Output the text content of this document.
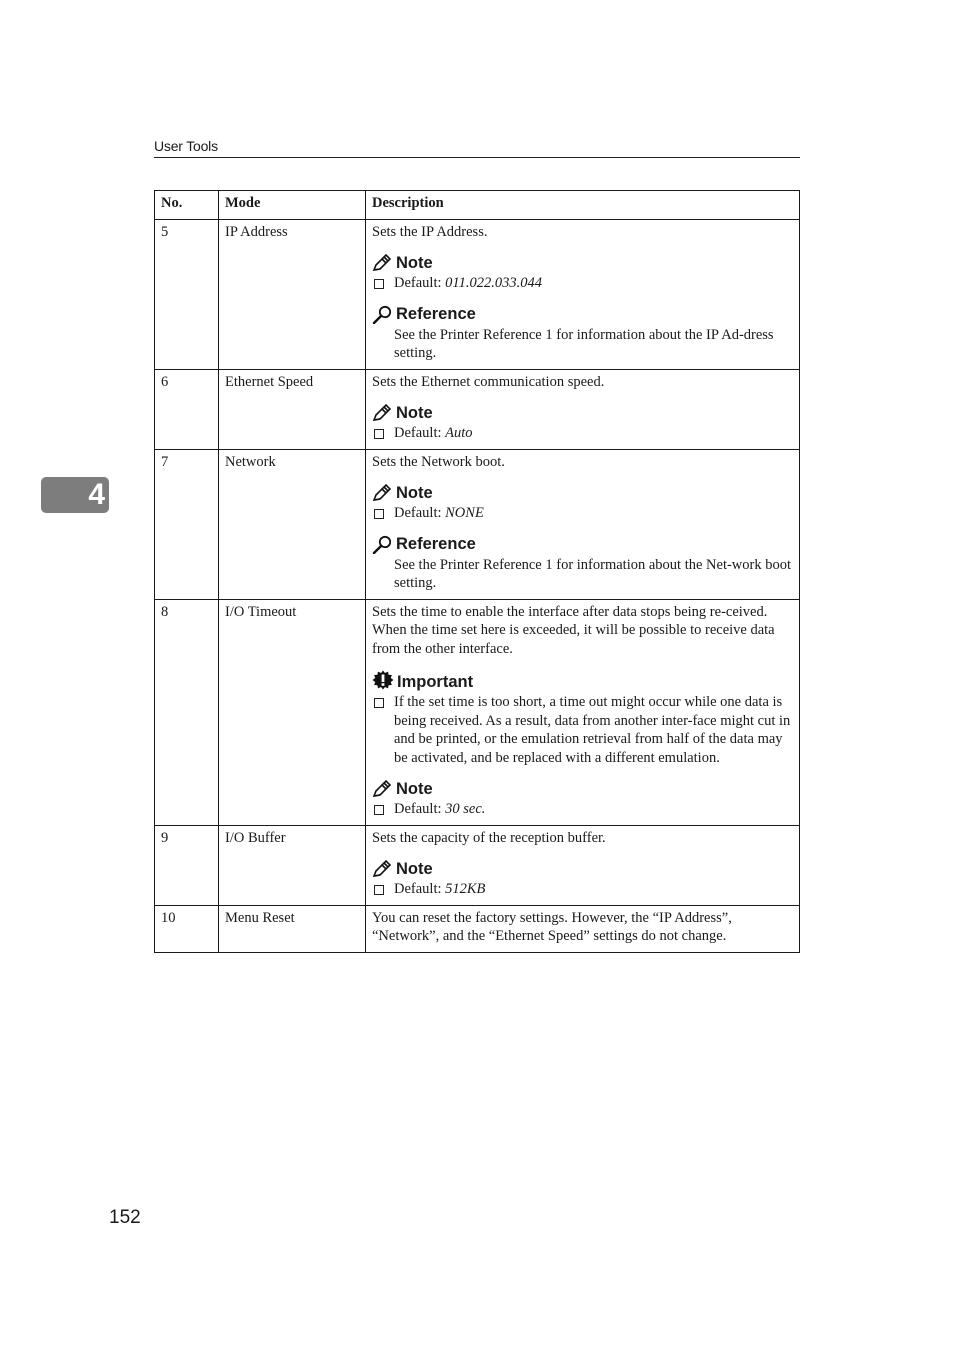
User Tools
4
No.	Mode	Description
5	IP Address	Sets the IP Address.
Note
Default: 011.022.033.044
Reference
See the Printer Reference 1 for information about the IP Ad-dress setting.

6	Ethernet Speed	Sets the Ethernet communication speed.
Note
Default: Auto

7	Network	Sets the Network boot.
Note
Default: NONE
Reference
See the Printer Reference 1 for information about the Net-work boot setting.

8	I/O Timeout	Sets the time to enable the interface after data stops being re-ceived. When the time set here is exceeded, it will be possible to receive data from the other interface.
Important
If the set time is too short, a time out might occur while one data is being received. As a result, data from another inter-face might cut in and be printed, or the emulation retrieval from half of the data may be activated, and be replaced with a different emulation.
Note
Default: 30 sec.

9	I/O Buffer	Sets the capacity of the reception buffer.
Note
Default: 512KB

10	Menu Reset	You can reset the factory settings. However, the “IP Address”, “Network”, and the “Ethernet Speed” settings do not change.
152
